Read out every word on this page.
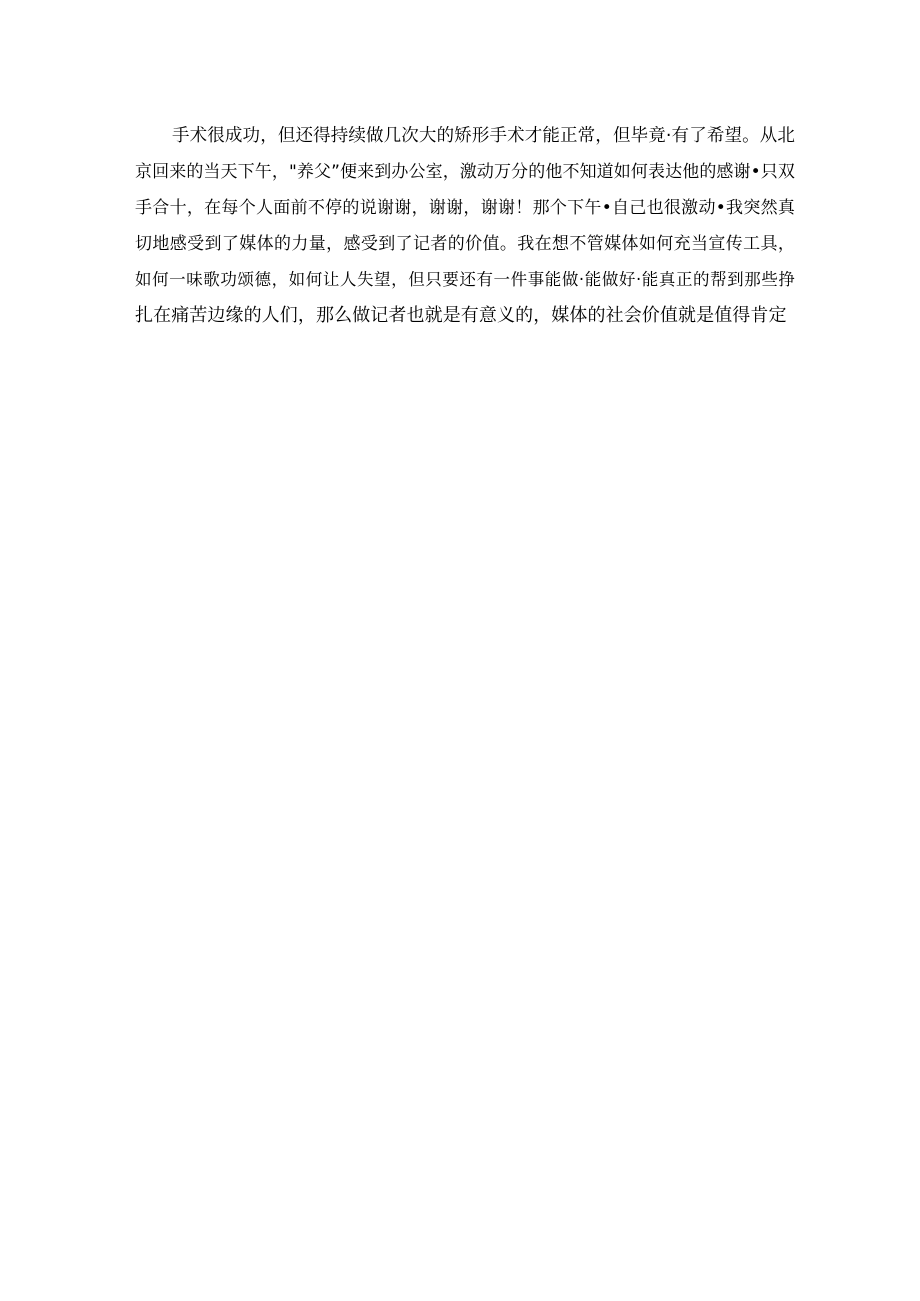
手术很成功，但还得持续做几次大的矫形手术才能正常，但毕竟·有了希望。从北
京回来的当天下午，"养父”便来到办公室，激动万分的他不知道如何表达他的感谢•只双
手合十，在每个人面前不停的说谢谢，谢谢，谢谢！那个下午•自己也很激动•我突然真
切地感受到了媒体的力量，感受到了记者的价值。我在想不管媒体如何充当宣传工具，
如何一味歌功颂德，如何让人失望，但只要还有一件事能做·能做好·能真正的帮到那些挣
扎在痛苦边缘的人们，那么做记者也就是有意义的，媒体的社会价值就是值得肯定
